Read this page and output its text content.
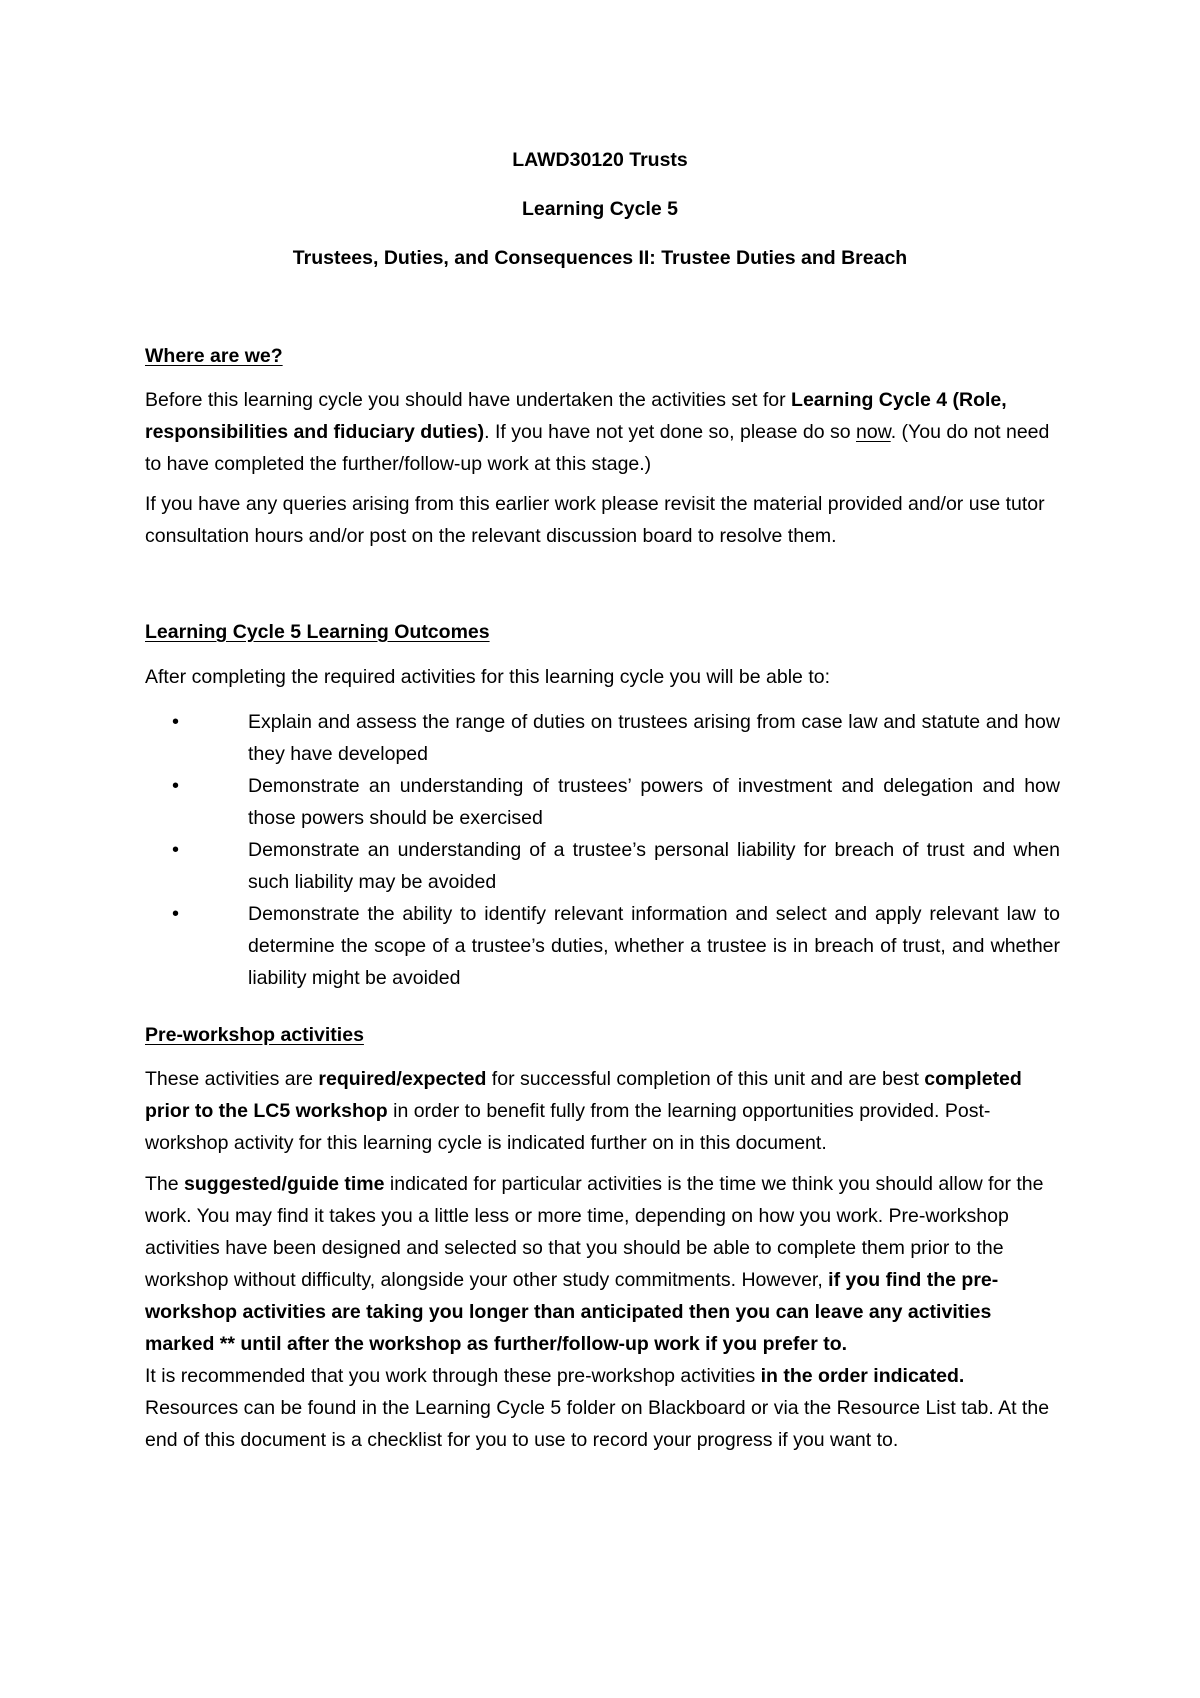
LAWD30120 Trusts

Learning Cycle 5

Trustees, Duties, and Consequences II: Trustee Duties and Breach

Where are we?

Before this learning cycle you should have undertaken the activities set for Learning Cycle 4 (Role, responsibilities and fiduciary duties). If you have not yet done so, please do so now. (You do not need to have completed the further/follow-up work at this stage.)

If you have any queries arising from this earlier work please revisit the material provided and/or use tutor consultation hours and/or post on the relevant discussion board to resolve them.

Learning Cycle 5 Learning Outcomes

After completing the required activities for this learning cycle you will be able to:

•	Explain and assess the range of duties on trustees arising from case law and statute and how they have developed
•	Demonstrate an understanding of trustees’ powers of investment and delegation and how those powers should be exercised
•	Demonstrate an understanding of a trustee’s personal liability for breach of trust and when such liability may be avoided
•	Demonstrate the ability to identify relevant information and select and apply relevant law to determine the scope of a trustee’s duties, whether a trustee is in breach of trust, and whether liability might be avoided

Pre-workshop activities

These activities are required/expected for successful completion of this unit and are best completed prior to the LC5 workshop in order to benefit fully from the learning opportunities provided. Post-workshop activity for this learning cycle is indicated further on in this document.

The suggested/guide time indicated for particular activities is the time we think you should allow for the work. You may find it takes you a little less or more time, depending on how you work. Pre-workshop activities have been designed and selected so that you should be able to complete them prior to the workshop without difficulty, alongside your other study commitments. However, if you find the pre-workshop activities are taking you longer than anticipated then you can leave any activities marked ** until after the workshop as further/follow-up work if you prefer to.

It is recommended that you work through these pre-workshop activities in the order indicated. Resources can be found in the Learning Cycle 5 folder on Blackboard or via the Resource List tab. At the end of this document is a checklist for you to use to record your progress if you want to.
